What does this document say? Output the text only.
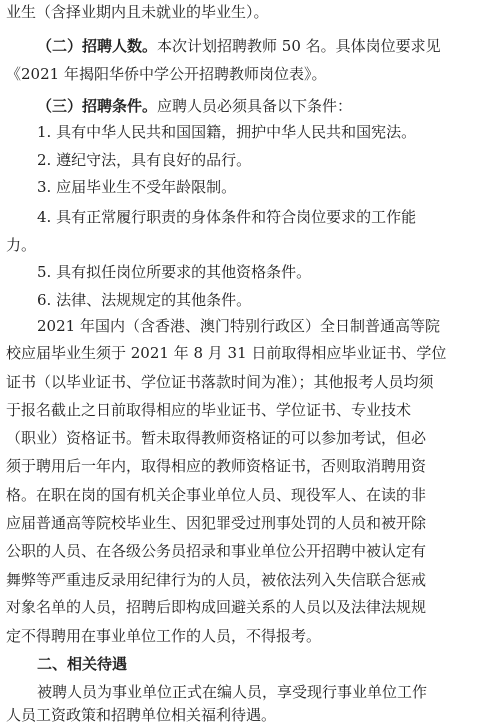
业生（含择业期内且未就业的毕业生）。
（二）招聘人数。本次计划招聘教师 50 名。具体岗位要求见
《2021 年揭阳华侨中学公开招聘教师岗位表》。
（三）招聘条件。应聘人员必须具备以下条件：
1. 具有中华人民共和国国籍，拥护中华人民共和国宪法。
2. 遵纪守法，具有良好的品行。
3. 应届毕业生不受年龄限制。
4. 具有正常履行职责的身体条件和符合岗位要求的工作能
力。
5. 具有拟任岗位所要求的其他资格条件。
6. 法律、法规规定的其他条件。
2021 年国内（含香港、澳门特别行政区）全日制普通高等院
校应届毕业生须于 2021 年 8 月 31 日前取得相应毕业证书、学位
证书（以毕业证书、学位证书落款时间为准）；其他报考人员均须
于报名截止之日前取得相应的毕业证书、学位证书、专业技术
（职业）资格证书。暂未取得教师资格证的可以参加考试，但必
须于聘用后一年内，取得相应的教师资格证书，否则取消聘用资
格。在职在岗的国有机关企事业单位人员、现役军人、在读的非
应届普通高等院校毕业生、因犯罪受过刑事处罚的人员和被开除
公职的人员、在各级公务员招录和事业单位公开招聘中被认定有
舞弊等严重违反录用纪律行为的人员，被依法列入失信联合惩戒
对象名单的人员，招聘后即构成回避关系的人员以及法律法规规
定不得聘用在事业单位工作的人员，不得报考。
二、相关待遇
被聘人员为事业单位正式在编人员，享受现行事业单位工作
人员工资政策和招聘单位相关福利待遇。
